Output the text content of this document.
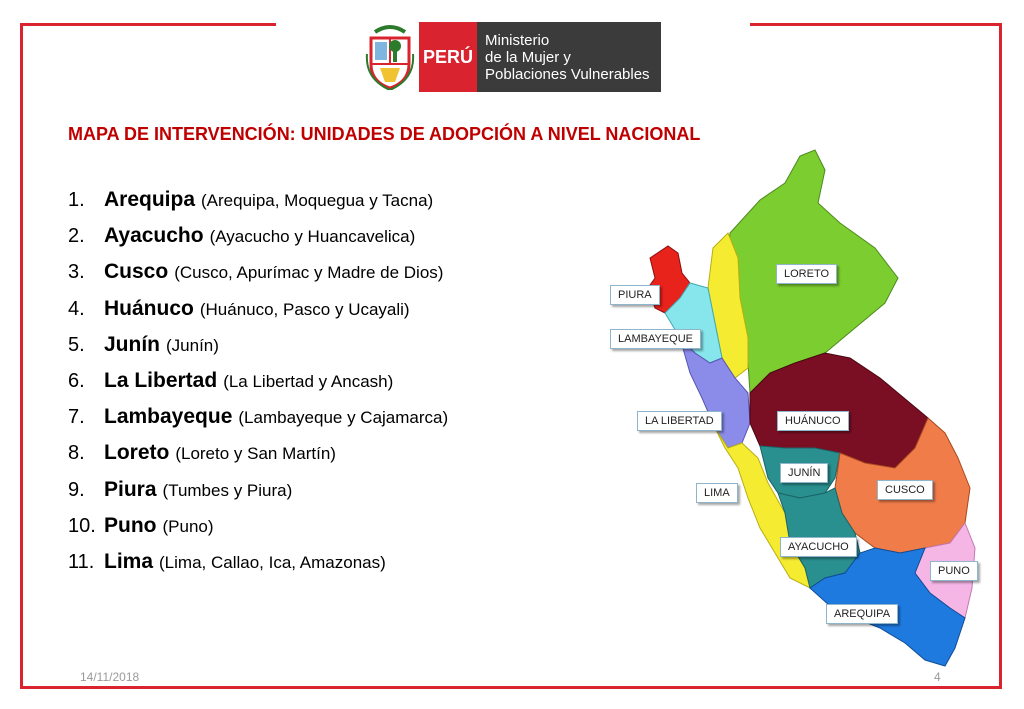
PERÚ
Ministerio
de la Mujer y
Poblaciones Vulnerables
MAPA DE INTERVENCIÓN: UNIDADES DE ADOPCIÓN A NIVEL NACIONAL
1. Arequipa (Arequipa, Moquegua y Tacna)
2. Ayacucho (Ayacucho y Huancavelica)
3. Cusco (Cusco, Apurímac y Madre de Dios)
4. Huánuco (Huánuco, Pasco y Ucayali)
5. Junín (Junín)
6. La Libertad (La Libertad y Ancash)
7. Lambayeque (Lambayeque y Cajamarca)
8. Loreto (Loreto y San Martín)
9. Piura (Tumbes y Piura)
10. Puno (Puno)
11. Lima (Lima, Callao, Ica, Amazonas)
LORETO
PIURA
LAMBAYEQUE
LA LIBERTAD	HUÁNUCO
JUNÍN
CUSCO
LIMA
AYACUCHO
PUNO
AREQUIPA
14/11/2018	4
